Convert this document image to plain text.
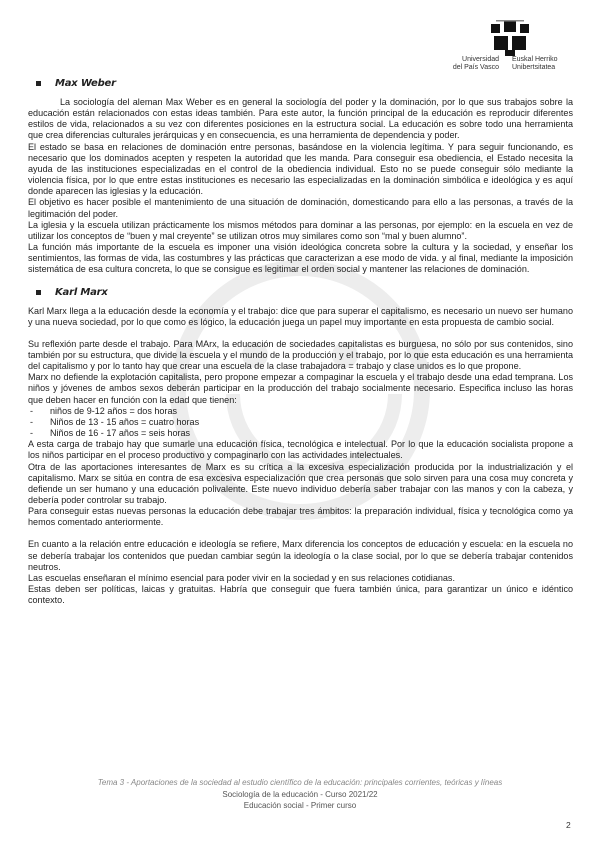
Universidad
del País Vasco
Euskal Herriko
Unibertsitatea
Max Weber

La sociología del aleman Max Weber es en general la sociología del poder y la dominación, por lo que sus trabajos sobre la educación están relacionados con estas ideas también. Para este autor, la función principal de la educación es reproducir diferentes estilos de vida, relacionados a su vez con diferentes posiciones en la estructura social. La educación es sobre todo una herramienta que crea diferencias culturales jerárquicas y en consecuencia, es una herramienta de dependencia y poder.

El estado se basa en relaciones de dominación entre personas, basándose en la violencia legítima. Y para seguir funcionando, es necesario que los dominados acepten y respeten la autoridad que les manda. Para conseguir esa obediencia, el Estado necesita la ayuda de las instituciones especializadas en el control de la obediencia individual. Esto no se puede conseguir sólo mediante la violencia física, por lo que entre estas instituciones es necesario las especializadas en la dominación simbólica e ideológica y es aquí donde aparecen las iglesias y la educación.

El objetivo es hacer posible el mantenimiento de una situación de dominación, domesticando para ello a las personas, a través de la legitimación del poder.

La iglesia y la escuela utilizan prácticamente los mismos métodos para dominar a las personas, por ejemplo: en la escuela en vez de utilizar los conceptos de “buen y mal creyente” se utilizan otros muy similares como son “mal y buen alumno”.

La función más importante de la escuela es imponer una visión ideológica concreta sobre la cultura y la sociedad, y enseñar los sentimientos, las formas de vida, las costumbres y las prácticas que caracterizan a ese modo de vida. y al final, mediante la imposición sistemática de esa cultura concreta, lo que se consigue es legitimar el orden social y mantener las relaciones de dominación.

Karl Marx

Karl Marx llega a la educación desde la economía y el trabajo: dice que para superar el capitalismo, es necesario un nuevo ser humano y una nueva sociedad, por lo que como es lógico, la educación juega un papel muy importante en esta propuesta de cambio social.

Su reflexión parte desde el trabajo. Para MArx, la educación de sociedades capitalistas es burguesa, no sólo por sus contenidos, sino también por su estructura, que divide la escuela y el mundo de la producción y el trabajo, por lo que esta educación es una herramienta del capitalismo y por lo tanto hay que crear una escuela de la clase trabajadora = trabajo y clase unidos es lo que propone.

Marx no defiende la explotación capitalista, pero propone empezar a compaginar la escuela y el trabajo desde una edad temprana. Los niños y jóvenes de ambos sexos deberán participar en la producción del trabajo socialmente necesario. Especifica incluso las horas que deben hacer en función con la edad que tienen:

- niños de 9-12 años = dos horas
- Niños de 13 - 15 años = cuatro horas
- Niños de 16 - 17 años = seis horas

A esta carga de trabajo hay que sumarle una educación física, tecnológica e intelectual. Por lo que la educación socialista propone a los niños participar en el proceso productivo y compaginarlo con las actividades intelectuales.

Otra de las aportaciones interesantes de Marx es su crítica a la excesiva especialización producida por la industrialización y el capitalismo. Marx se sitúa en contra de esa excesiva especialización que crea personas que solo sirven para una cosa muy concreta y defiende un ser humano y una educación polivalente. Este nuevo individuo debería saber trabajar con las manos y con la cabeza, y debería poder controlar su trabajo.

Para conseguir estas nuevas personas la educación debe trabajar tres ámbitos: la preparación individual, física y tecnológica como ya hemos comentado anteriormente.

En cuanto a la relación entre educación e ideología se refiere, Marx diferencia los conceptos de educación y escuela: en la escuela no se debería trabajar los contenidos que puedan cambiar según la ideología o la clase social, por lo que se debería trabajar contenidos neutros.

Las escuelas enseñaran el mínimo esencial para poder vivir en la sociedad y en sus relaciones cotidianas.

Estas deben ser políticas, laicas y gratuitas. Habría que conseguir que fuera también única, para garantizar un único e idéntico contexto.

Tema 3 - Aportaciones de la sociedad al estudio científico de la educación: principales corrientes, teóricas y líneas
Sociología de la educación - Curso 2021/22
Educación social - Primer curso
2
